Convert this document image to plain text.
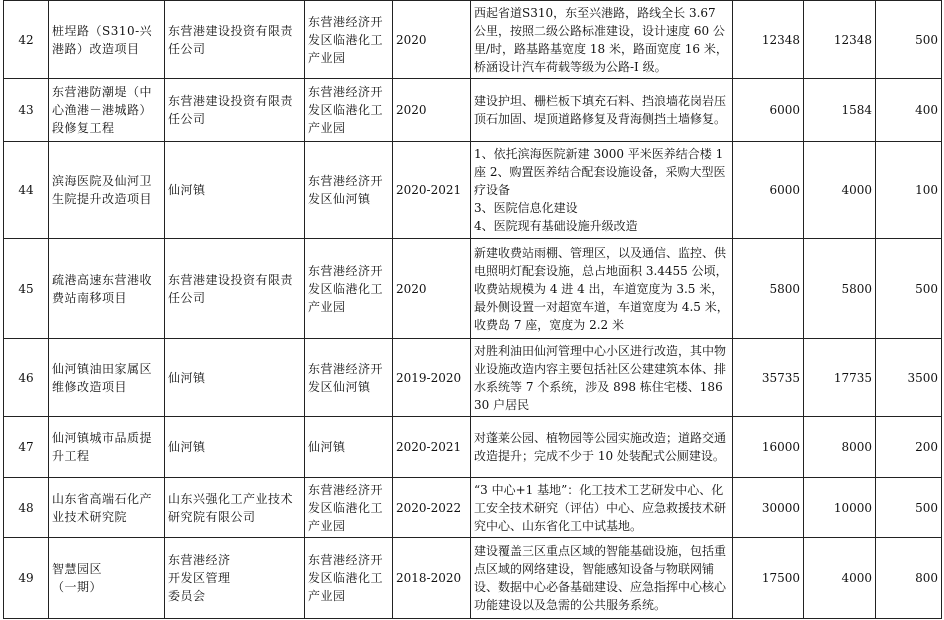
42	桩埕路（S310-兴港路）改造项目	东营港建设投资有限责任公司	东营港经济开发区临港化工产业园	2020	西起省道S310，东至兴港路，路线全长 3.67 公里，按照二级公路标准建设，设计速度 60 公里/时，路基路基宽度 18 米，路面宽度 16 米，桥涵设计汽车荷载等级为公路-I 级。	12348	12348	500
43	东营港防潮堤（中心渔港－港城路）段修复工程	东营港建设投资有限责任公司	东营港经济开发区临港化工产业园	2020	建设护坦、栅栏板下填充石料、挡浪墙花岗岩压顶石加固、堤顶道路修复及背海侧挡土墙修复。	6000	1584	400
44	滨海医院及仙河卫生院提升改造项目	仙河镇	东营港经济开发区仙河镇	2020-2021	1、依托滨海医院新建 3000 平米医养结合楼 1 座 2、购置医养结合配套设施设备，采购大型医疗设备
3、医院信息化建设
4、医院现有基础设施升级改造	6000	4000	100
45	疏港高速东营港收费站南移项目	东营港建设投资有限责任公司	东营港经济开发区临港化工产业园	2020	新建收费站雨棚、管理区，以及通信、监控、供电照明灯配套设施，总占地面积 3.4455 公顷，收费站规模为 4 进 4 出，车道宽度为 3.5 米，最外侧设置一对超宽车道，车道宽度为 4.5 米，收费岛 7 座，宽度为 2.2 米	5800	5800	500
46	仙河镇油田家属区维修改造项目	仙河镇	东营港经济开发区仙河镇	2019-2020	对胜利油田仙河管理中心小区进行改造，其中物业设施改造内容主要包括社区公建建筑本体、排水系统等 7 个系统，涉及 898 栋住宅楼、18630 户居民	35735	17735	3500
47	仙河镇城市品质提升工程	仙河镇	仙河镇	2020-2021	对蓬莱公园、植物园等公园实施改造；道路交通改造提升；完成不少于 10 处装配式公厕建设。	16000	8000	200
48	山东省高端石化产业技术研究院	山东兴强化工产业技术研究院有限公司	东营港经济开发区临港化工产业园	2020-2022	“3 中心+1 基地”：化工技术工艺研发中心、化工安全技术研究（评估）中心、应急救援技术研究中心、山东省化工中试基地。	30000	10000	500
49	智慧园区
（一期）	东营港经济
开发区管理
委员会	东营港经济开发区临港化工产业园	2018-2020	建设覆盖三区重点区域的智能基础设施，包括重点区域的网络建设，智能感知设备与物联网铺设、数据中心必备基础建设、应急指挥中心核心功能建设以及急需的公共服务系统。	17500	4000	800
